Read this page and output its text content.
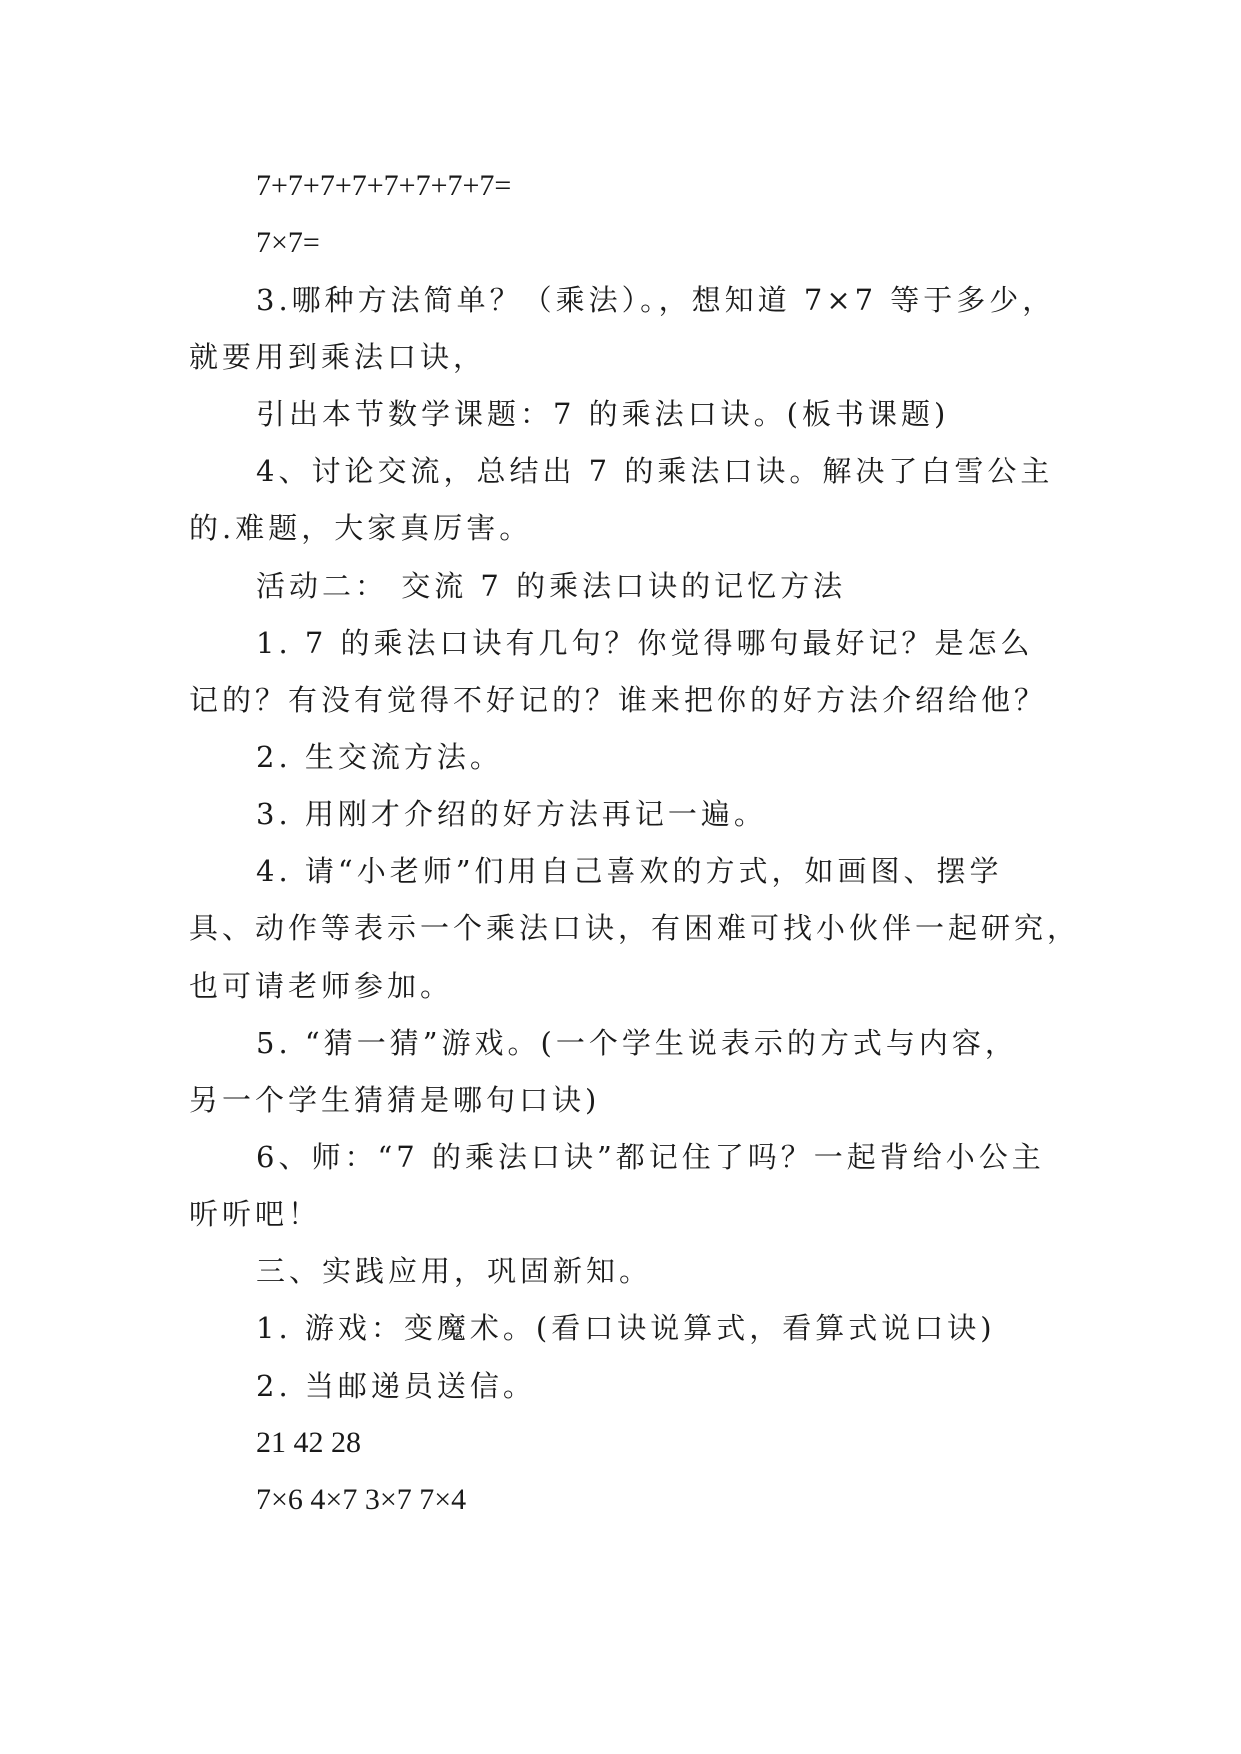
7+7+7+7+7+7+7+7=
7×7=
3.哪种方法简单？（乘法）。，想知道 7×7 等于多少，
就要用到乘法口诀，
引出本节数学课题：7 的乘法口诀。(板书课题)
4、讨论交流，总结出 7 的乘法口诀。解决了白雪公主
的.难题，大家真厉害。
活动二： 交流 7 的乘法口诀的记忆方法
1. 7 的乘法口诀有几句？你觉得哪句最好记？是怎么
记的？有没有觉得不好记的？谁来把你的好方法介绍给他？
2. 生交流方法。
3. 用刚才介绍的好方法再记一遍。
4. 请“小老师”们用自己喜欢的方式，如画图、摆学
具、动作等表示一个乘法口诀，有困难可找小伙伴一起研究，
也可请老师参加。
5. “猜一猜”游戏。(一个学生说表示的方式与内容，
另一个学生猜猜是哪句口诀)
6、师：“7 的乘法口诀”都记住了吗？一起背给小公主
听听吧！
三、实践应用，巩固新知。
1. 游戏：变魔术。(看口诀说算式，看算式说口诀)
2. 当邮递员送信。
21 42 28
7×6 4×7 3×7 7×4
